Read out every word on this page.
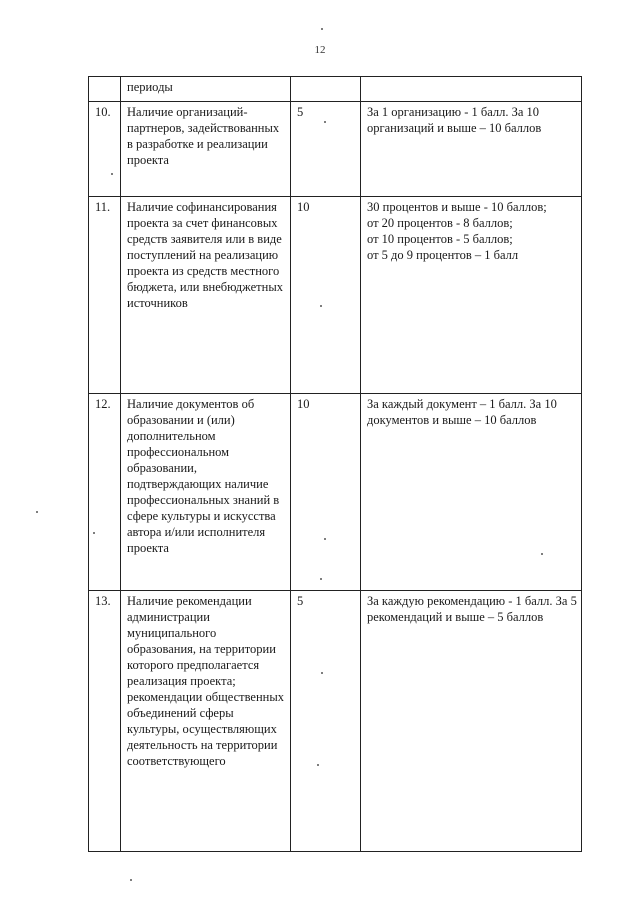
12
	периоды		
10.	Наличие организаций-партнеров, задействованных в разработке и реализации проекта	5	За 1 организацию - 1 балл. За 10 организаций и выше – 10 баллов
11.	Наличие софинансирования проекта за счет финансовых средств заявителя или в виде поступлений на реализацию проекта из средств местного бюджета, или внебюджетных источников	10	30 процентов и выше - 10 баллов;
от 20 процентов - 8 баллов;
от 10 процентов - 5 баллов;
от 5 до 9 процентов – 1 балл
12.	Наличие документов об образовании и (или) дополнительном профессиональном образовании, подтверждающих наличие профессиональных знаний в сфере культуры и искусства автора и/или исполнителя проекта	10	За каждый документ – 1 балл. За 10 документов и выше – 10 баллов
13.	Наличие рекомендации администрации муниципального образования, на территории которого предполагается реализация проекта; рекомендации общественных объединений сферы культуры, осуществляющих деятельность на территории соответствующего	5	За каждую рекомендацию - 1 балл. За 5 рекомендаций и выше – 5 баллов
